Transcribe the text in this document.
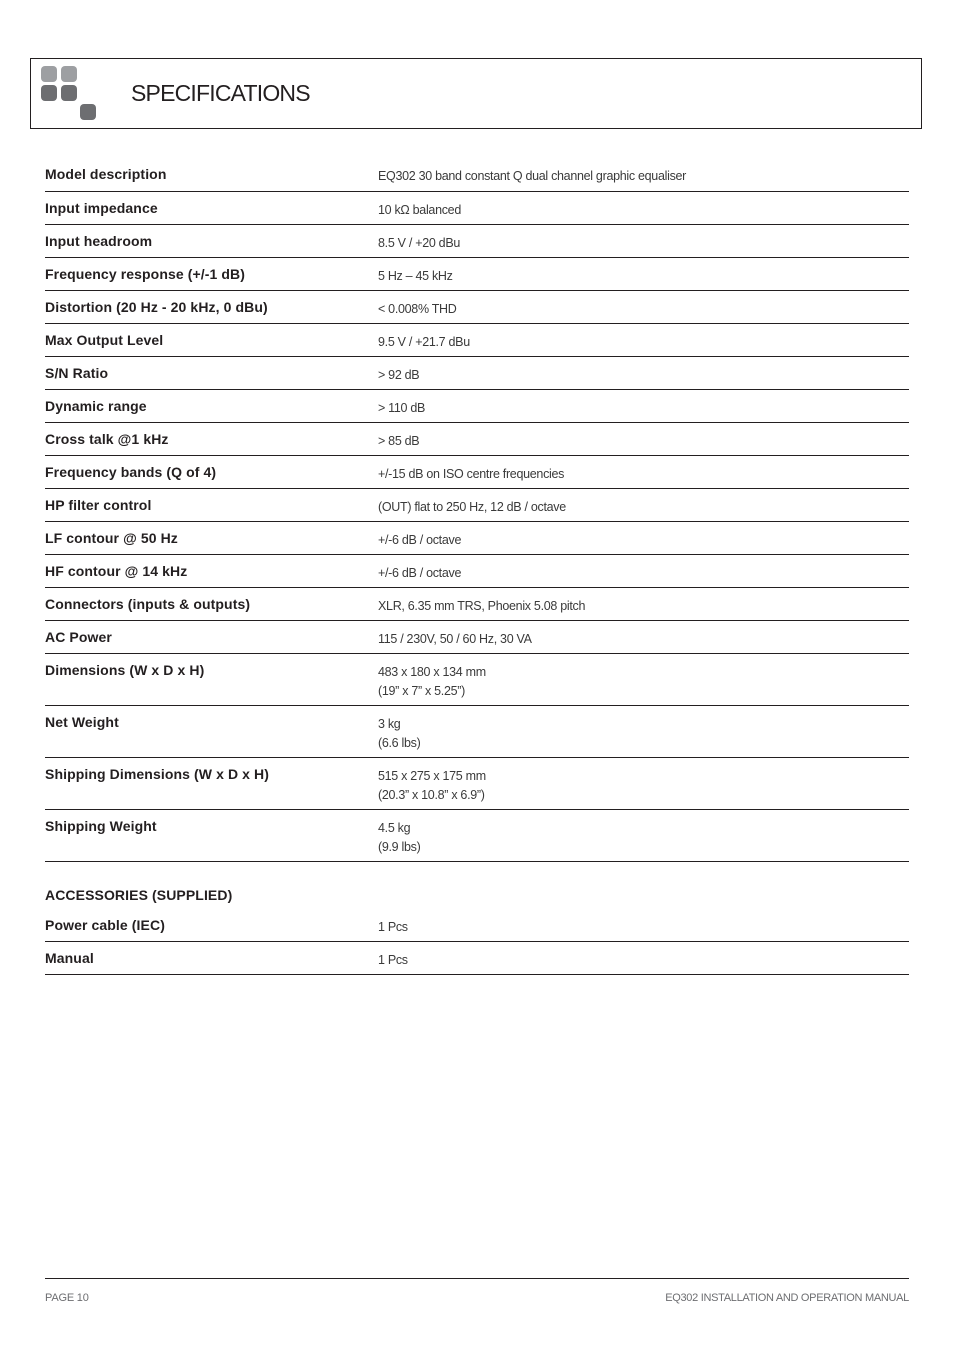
SPECIFICATIONS
Model description	EQ302 30 band constant Q dual channel graphic equaliser
Input impedance	10 kΩ balanced
Input headroom	8.5 V / +20 dBu
Frequency response (+/-1 dB)	5 Hz – 45 kHz
Distortion (20 Hz - 20 kHz, 0 dBu)	< 0.008% THD
Max Output Level	9.5 V / +21.7 dBu
S/N Ratio	> 92 dB
Dynamic range	> 110 dB
Cross talk @1 kHz	> 85 dB
Frequency bands (Q of 4)	+/-15 dB on ISO centre frequencies
HP filter control	(OUT) flat to 250 Hz, 12 dB / octave
LF contour @ 50 Hz	+/-6 dB / octave
HF contour @ 14 kHz	+/-6 dB / octave
Connectors (inputs & outputs)	XLR, 6.35 mm TRS, Phoenix 5.08 pitch
AC Power	115 / 230V, 50 / 60 Hz, 30 VA
Dimensions (W x D x H)	483 x 180 x 134 mm
(19” x 7” x 5.25”)
Net Weight	3 kg
(6.6 lbs)
Shipping Dimensions (W x D x H)	515 x 275 x 175 mm
(20.3” x 10.8” x 6.9”)
Shipping Weight	4.5 kg
(9.9 lbs)
ACCESSORIES (SUPPLIED)
Power cable (IEC)	1 Pcs
Manual	1 Pcs
PAGE 10	EQ302 INSTALLATION AND OPERATION MANUAL
